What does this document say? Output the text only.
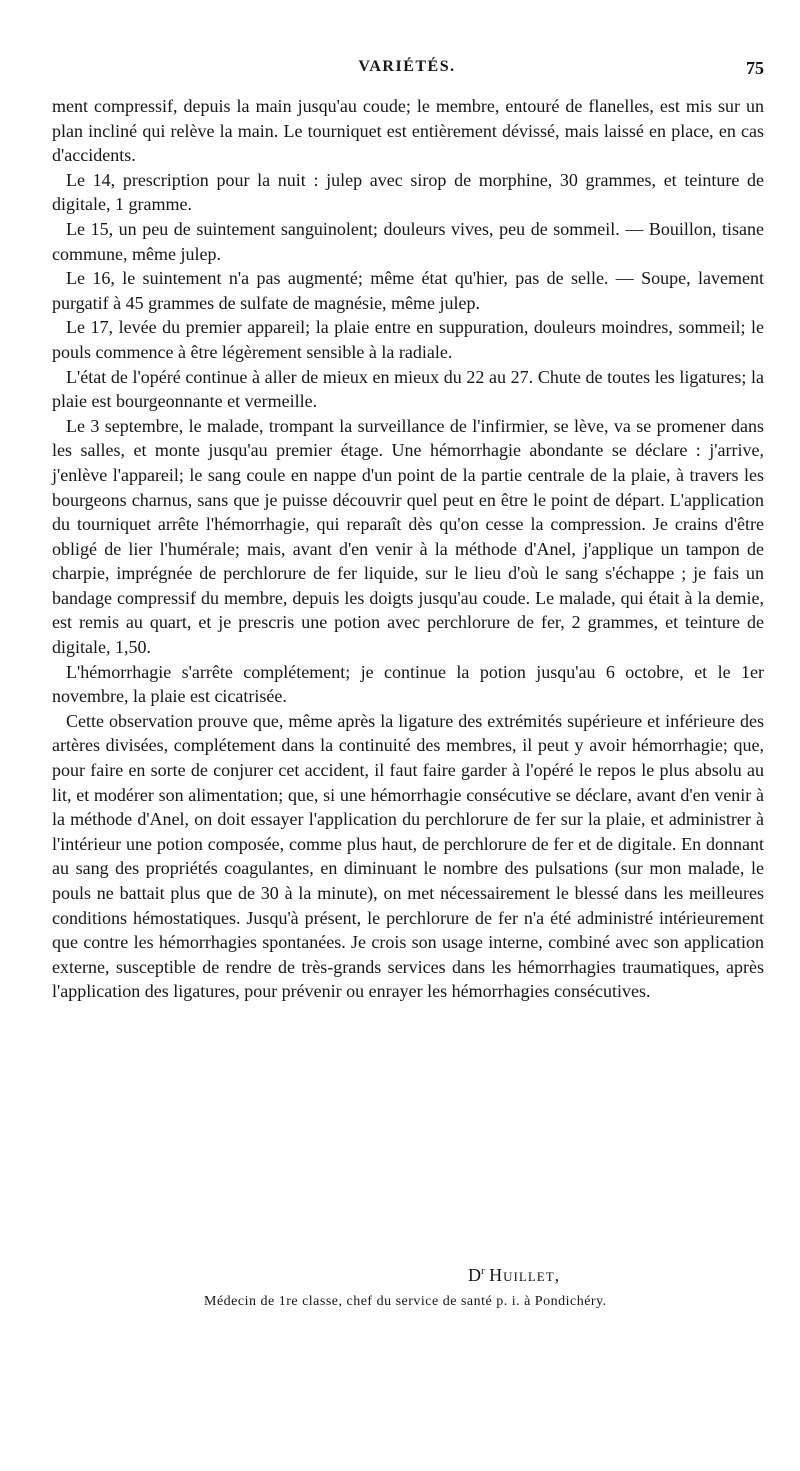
VARIÉTÉS.	75

ment compressif, depuis la main jusqu'au coude; le membre, entouré de flanelles, est mis sur un plan incliné qui relève la main. Le tourniquet est entièrement dévissé, mais laissé en place, en cas d'accidents.

Le 14, prescription pour la nuit : julep avec sirop de morphine, 30 grammes, et teinture de digitale, 1 gramme.

Le 15, un peu de suintement sanguinolent; douleurs vives, peu de sommeil. — Bouillon, tisane commune, même julep.

Le 16, le suintement n'a pas augmenté; même état qu'hier, pas de selle. — Soupe, lavement purgatif à 45 grammes de sulfate de magnésie, même julep.

Le 17, levée du premier appareil; la plaie entre en suppuration, douleurs moindres, sommeil; le pouls commence à être légèrement sensible à la radiale.

L'état de l'opéré continue à aller de mieux en mieux du 22 au 27. Chute de toutes les ligatures; la plaie est bourgeonnante et vermeille.

Le 3 septembre, le malade, trompant la surveillance de l'infirmier, se lève, va se promener dans les salles, et monte jusqu'au premier étage. Une hémorrhagie abondante se déclare : j'arrive, j'enlève l'appareil; le sang coule en nappe d'un point de la partie centrale de la plaie, à travers les bourgeons charnus, sans que je puisse découvrir quel peut en être le point de départ. L'application du tourniquet arrête l'hémorrhagie, qui reparaît dès qu'on cesse la compression. Je crains d'être obligé de lier l'humérale; mais, avant d'en venir à la méthode d'Anel, j'applique un tampon de charpie, imprégnée de perchlorure de fer liquide, sur le lieu d'où le sang s'échappe ; je fais un bandage compressif du membre, depuis les doigts jusqu'au coude. Le malade, qui était à la demie, est remis au quart, et je prescris une potion avec perchlorure de fer, 2 grammes, et teinture de digitale, 1,50.

L'hémorrhagie s'arrête complétement; je continue la potion jusqu'au 6 octobre, et le 1er novembre, la plaie est cicatrisée.

Cette observation prouve que, même après la ligature des extrémités supérieure et inférieure des artères divisées, complétement dans la continuité des membres, il peut y avoir hémorrhagie; que, pour faire en sorte de conjurer cet accident, il faut faire garder à l'opéré le repos le plus absolu au lit, et modérer son alimentation; que, si une hémorrhagie consécutive se déclare, avant d'en venir à la méthode d'Anel, on doit essayer l'application du perchlorure de fer sur la plaie, et administrer à l'intérieur une potion composée, comme plus haut, de perchlorure de fer et de digitale. En donnant au sang des propriétés coagulantes, en diminuant le nombre des pulsations (sur mon malade, le pouls ne battait plus que de 30 à la minute), on met nécessairement le blessé dans les meilleures conditions hémostatiques. Jusqu'à présent, le perchlorure de fer n'a été administré intérieurement que contre les hémorrhagies spontanées. Je crois son usage interne, combiné avec son application externe, susceptible de rendre de très-grands services dans les hémorrhagies traumatiques, après l'application des ligatures, pour prévenir ou enrayer les hémorrhagies consécutives.

$D^r$ Huillet,
Médecin de 1re classe, chef du service de santé p. i. à Pondichéry.
